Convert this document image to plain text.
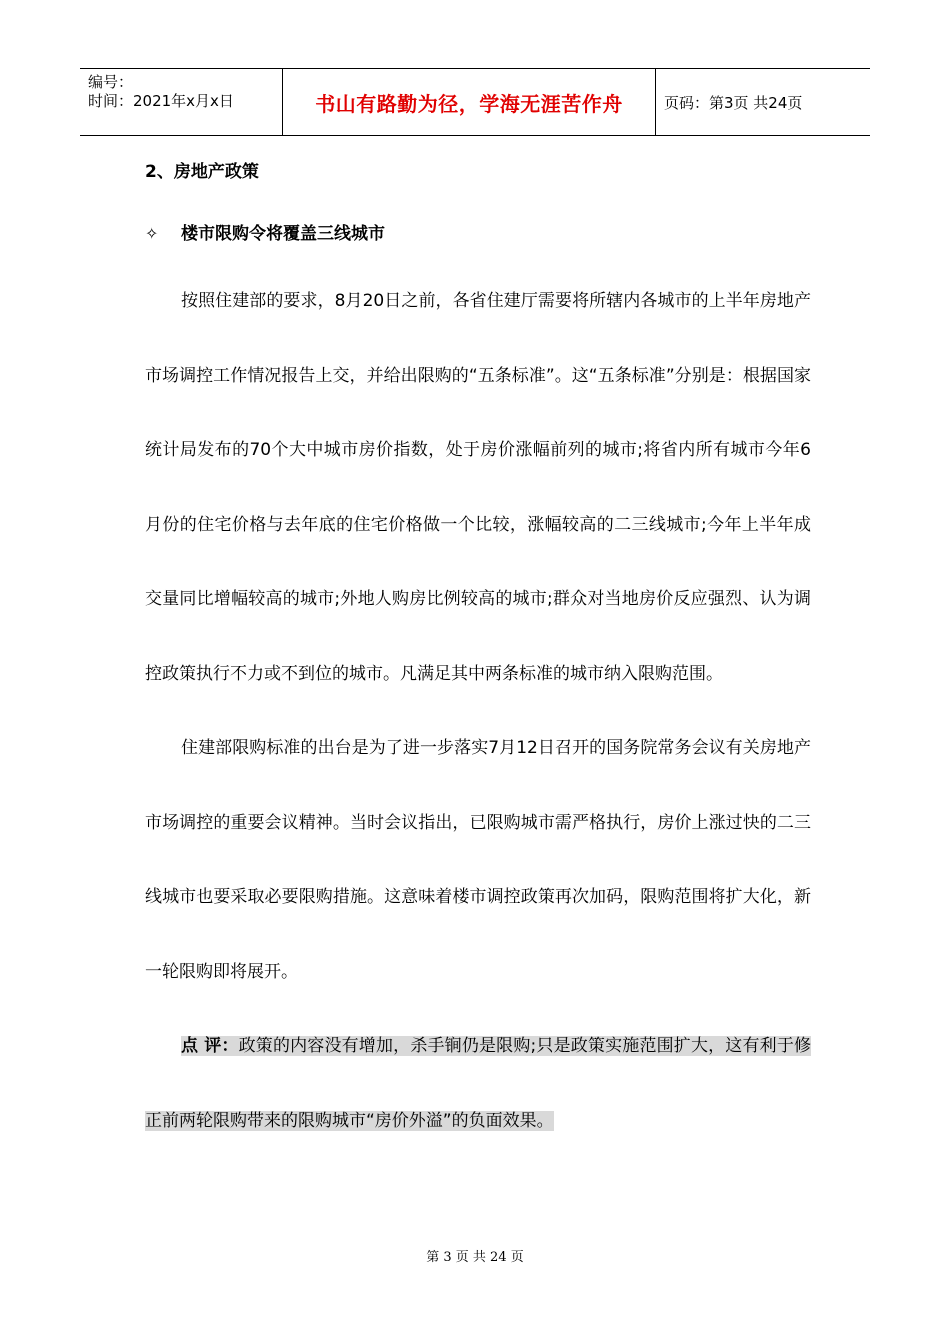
编号：
时间：2021年x月x日	书山有路勤为径，学海无涯苦作舟	页码：第3页 共24页
2、房地产政策
✧	楼市限购令将覆盖三线城市

按照住建部的要求，8月20日之前，各省住建厅需要将所辖内各城市的上半年房地产市场调控工作情况报告上交，并给出限购的“五条标准”。这“五条标准”分别是：根据国家统计局发布的70个大中城市房价指数，处于房价涨幅前列的城市;将省内所有城市今年6月份的住宅价格与去年底的住宅价格做一个比较，涨幅较高的二三线城市;今年上半年成交量同比增幅较高的城市;外地人购房比例较高的城市;群众对当地房价反应强烈、认为调控政策执行不力或不到位的城市。凡满足其中两条标准的城市纳入限购范围。

住建部限购标准的出台是为了进一步落实7月12日召开的国务院常务会议有关房地产市场调控的重要会议精神。当时会议指出，已限购城市需严格执行，房价上涨过快的二三线城市也要采取必要限购措施。这意味着楼市调控政策再次加码，限购范围将扩大化，新一轮限购即将展开。

点 评：政策的内容没有增加，杀手锏仍是限购;只是政策实施范围扩大，这有利于修正前两轮限购带来的限购城市“房价外溢”的负面效果。

第 3 页 共 24 页
